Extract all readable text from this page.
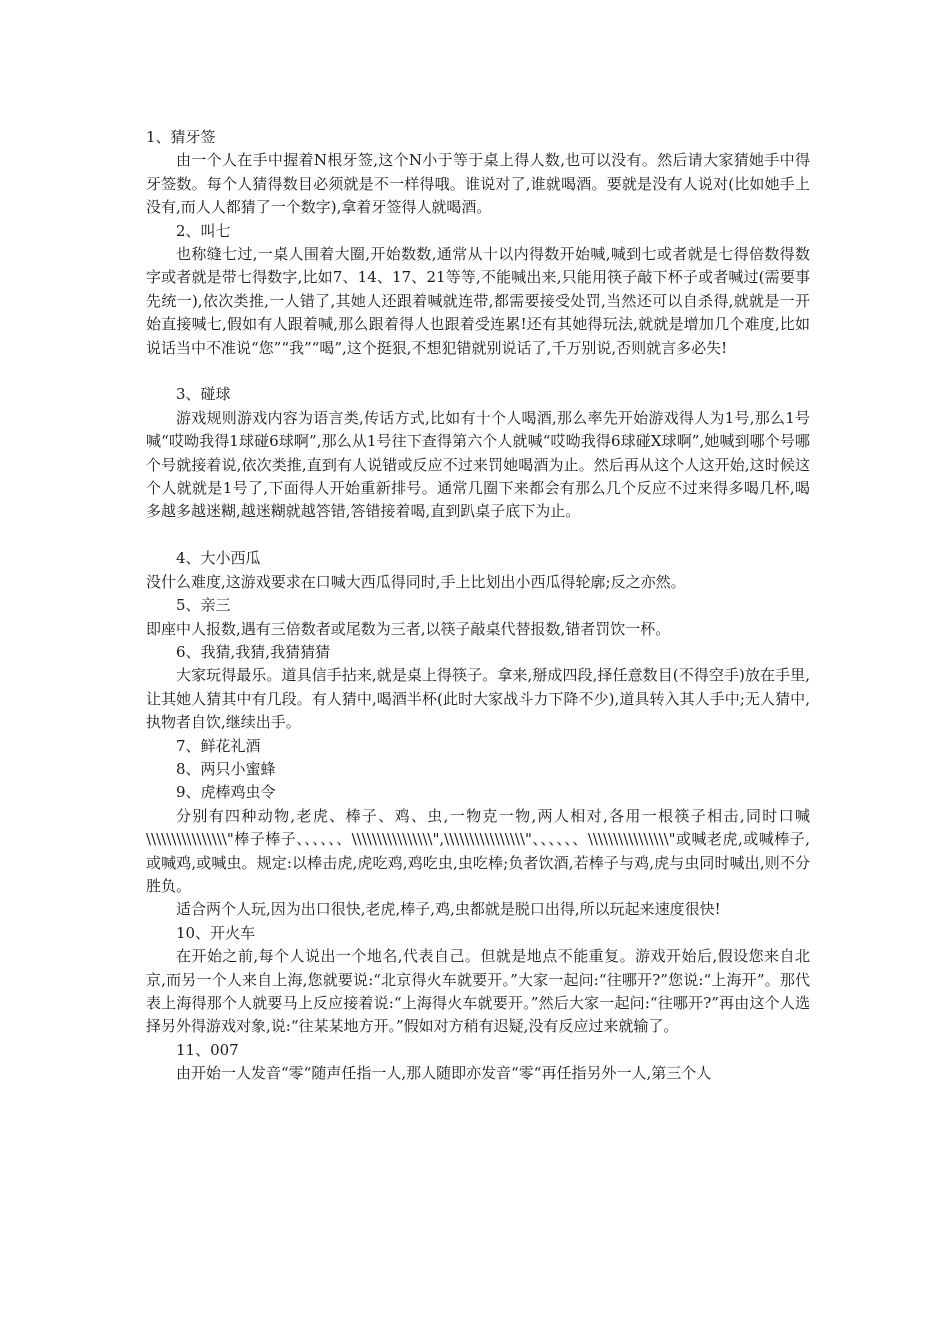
1、猜牙签

由一个人在手中握着N根牙签,这个N小于等于桌上得人数,也可以没有。然后请大家猜她手中得牙签数。每个人猜得数目必须就是不一样得哦。谁说对了,谁就喝酒。要就是没有人说对(比如她手上没有,而人人都猜了一个数字),拿着牙签得人就喝酒。

2、叫七

也称缝七过,一桌人围着大圈,开始数数,通常从十以内得数开始喊,喊到七或者就是七得倍数得数字或者就是带七得数字,比如7、14、17、21等等,不能喊出来,只能用筷子敲下杯子或者喊过(需要事先统一),依次类推,一人错了,其她人还跟着喊就连带,都需要接受处罚,当然还可以自杀得,就就是一开始直接喊七,假如有人跟着喊,那么跟着得人也跟着受连累!还有其她得玩法,就就是增加几个难度,比如说话当中不准说“您”“我”“喝”,这个挺狠,不想犯错就别说话了,千万别说,否则就言多必失!

3、碰球

游戏规则游戏内容为语言类,传话方式,比如有十个人喝酒,那么率先开始游戏得人为1号,那么1号喊“哎呦我得1球碰6球啊”,那么从1号往下查得第六个人就喊“哎呦我得6球碰X球啊”,她喊到哪个号哪个号就接着说,依次类推,直到有人说错或反应不过来罚她喝酒为止。然后再从这个人这开始,这时候这个人就就是1号了,下面得人开始重新排号。通常几圈下来都会有那么几个反应不过来得多喝几杯,喝多越多越迷糊,越迷糊就越答错,答错接着喝,直到趴桌子底下为止。

4、大小西瓜

没什么难度,这游戏要求在口喊大西瓜得同时,手上比划出小西瓜得轮廓;反之亦然。

5、亲三

即座中人报数,遇有三倍数者或尾数为三者,以筷子敲桌代替报数,错者罚饮一杯。

6、我猜,我猜,我猜猜猜

大家玩得最乐。道具信手拈来,就是桌上得筷子。拿来,掰成四段,择任意数目(不得空手)放在手里,让其她人猜其中有几段。有人猜中,喝酒半杯(此时大家战斗力下降不少),道具转入其人手中;无人猜中,执物者自饮,继续出手。

7、鲜花礼酒

8、两只小蜜蜂

9、虎棒鸡虫令

分别有四种动物,老虎、棒子、鸡、虫,一物克一物,两人相对,各用一根筷子相击,同时口喊\\\\\\\\\\\\\\\\"棒子棒子、、、、、、\\\\\\\\\\\\\\\\",\\\\\\\\\\\\\\\\"、、、、、、\\\\\\\\\\\\\\\\"或喊老虎,或喊棒子,或喊鸡,或喊虫。规定:以棒击虎,虎吃鸡,鸡吃虫,虫吃棒;负者饮酒,若棒子与鸡,虎与虫同时喊出,则不分胜负。

适合两个人玩,因为出口很快,老虎,棒子,鸡,虫都就是脱口出得,所以玩起来速度很快!

10、开火车

在开始之前,每个人说出一个地名,代表自己。但就是地点不能重复。游戏开始后,假设您来自北京,而另一个人来自上海,您就要说:“北京得火车就要开。”大家一起问:“往哪开?”您说:“上海开”。那代表上海得那个人就要马上反应接着说:“上海得火车就要开。”然后大家一起问:“往哪开?”再由这个人选择另外得游戏对象,说:“往某某地方开。”假如对方稍有迟疑,没有反应过来就输了。

11、007

由开始一人发音“零“随声任指一人,那人随即亦发音“零“再任指另外一人,第三个人
